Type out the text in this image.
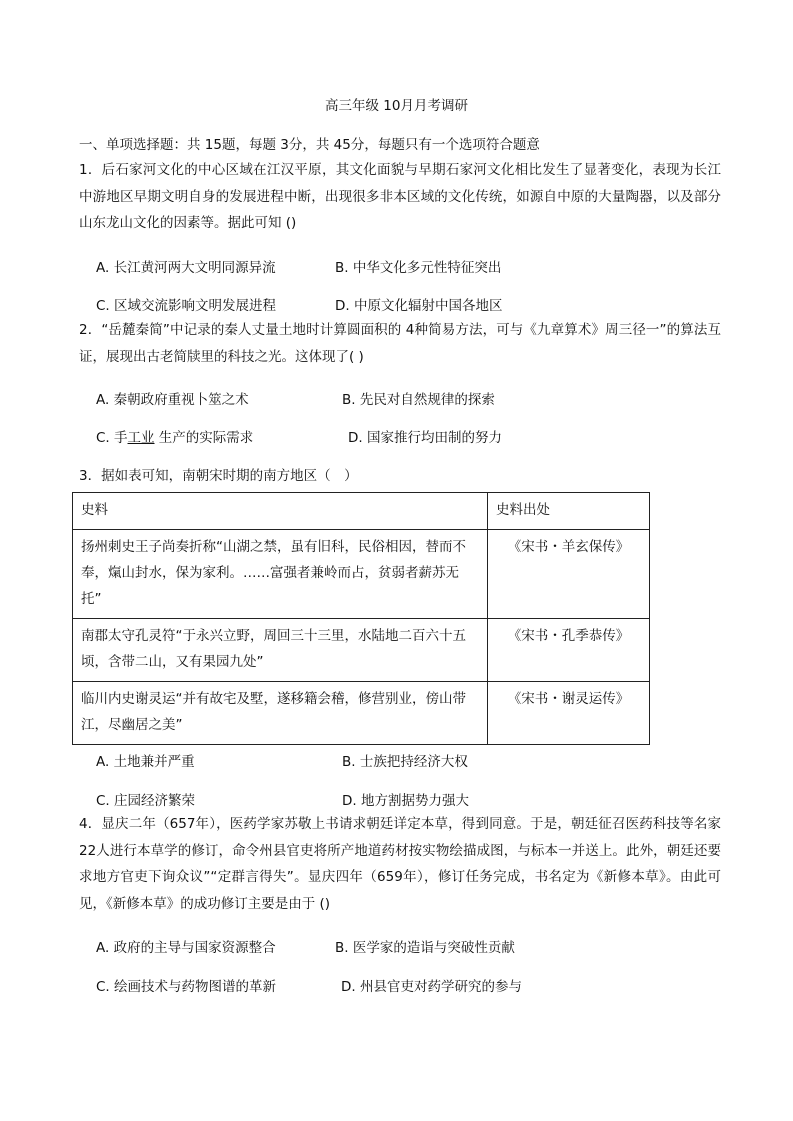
高三年级 10月月考调研
一、单项选择题：共 15题，每题 3分，共 45分，每题只有一个选项符合题意
1．后石家河文化的中心区域在江汉平原，其文化面貌与早期石家河文化相比发生了显著变化，表现为长江中游地区早期文明自身的发展进程中断，出现很多非本区域的文化传统，如源自中原的大量陶器，以及部分山东龙山文化的因素等。据此可知 ()
A. 长江黄河两大文明同源异流	B. 中华文化多元性特征突出
C. 区域交流影响文明发展进程	D. 中原文化辐射中国各地区
2．“岳麓秦简”中记录的秦人丈量土地时计算圆面积的 4种简易方法，可与《九章算术》周三径一”的算法互证，展现出古老简牍里的科技之光。这体现了( )
A. 秦朝政府重视卜筮之术	B. 先民对自然规律的探索
C. 手工业 生产的实际需求	D. 国家推行均田制的努力
3．据如表可知，南朝宋时期的南方地区（　）
史料	史料出处
扬州刺史王子尚奏折称“山湖之禁，虽有旧科，民俗相因，替而不奉，熂山封水，保为家利。……富强者兼岭而占，贫弱者薪苏无托”	《宋书・羊玄保传》
南郡太守孔灵符“于永兴立野，周回三十三里，水陆地二百六十五顷，含带二山，又有果园九处”	《宋书・孔季恭传》
临川内史谢灵运“并有故宅及墅，遂移籍会稽，修营别业，傍山带江，尽幽居之美”	《宋书・谢灵运传》
A. 土地兼并严重	B. 士族把持经济大权
C. 庄园经济繁荣	D. 地方割据势力强大
4．显庆二年（657年），医药学家苏敬上书请求朝廷详定本草，得到同意。于是，朝廷征召医药科技等名家 22人进行本草学的修订，命令州县官吏将所产地道药材按实物绘描成图，与标本一并送上。此外，朝廷还要求地方官吏下询众议”“定群言得失”。显庆四年（659年），修订任务完成，书名定为《新修本草》。由此可见，《新修本草》的成功修订主要是由于 ()
A. 政府的主导与国家资源整合	B. 医学家的造诣与突破性贡献
C. 绘画技术与药物图谱的革新	D. 州县官吏对药学研究的参与
